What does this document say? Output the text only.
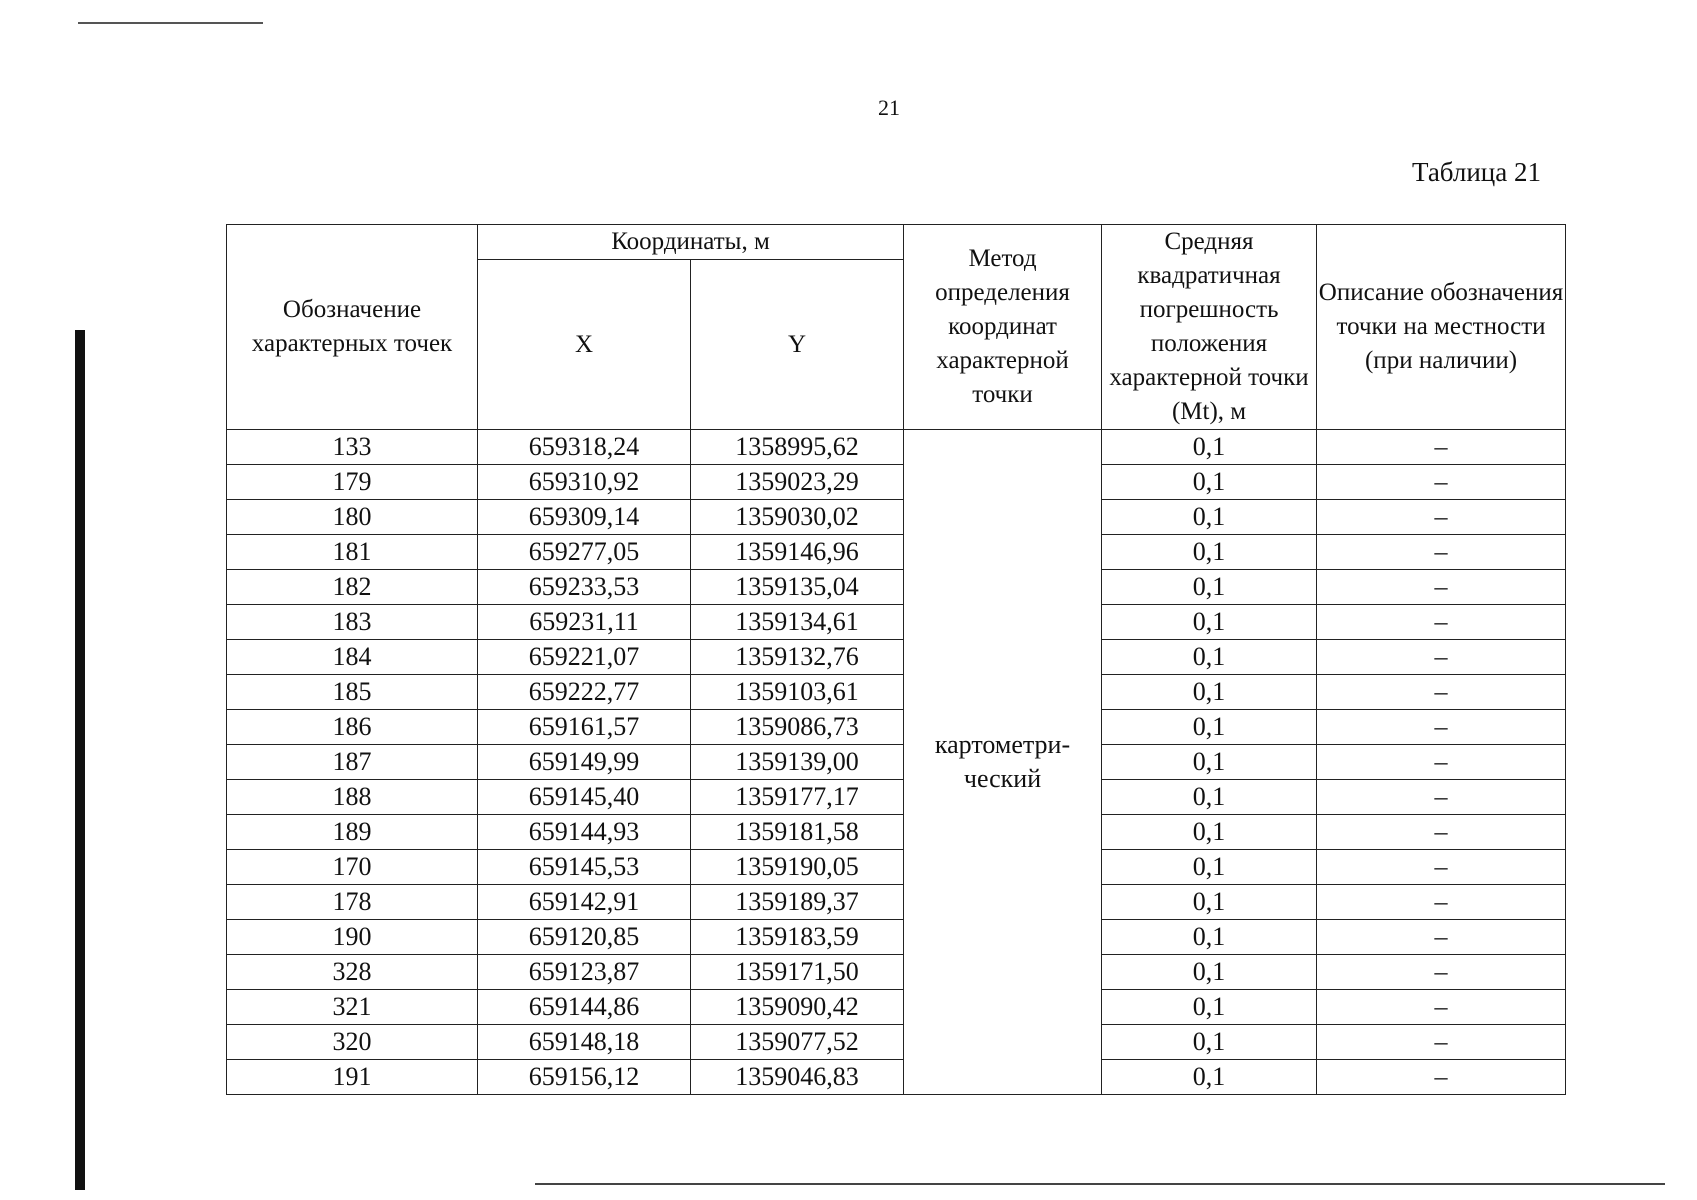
21
Таблица 21
Обозначение характерных точек	Координаты, м		Метод определения координат характерной точки	Средняя квадратичная погрешность положения характерной точки (Mt), м	Описание обозначения точки на местности (при наличии)
	X	Y			
133	659318,24	1358995,62	картометри-ческий	0,1	–
179	659310,92	1359023,29		0,1	–
180	659309,14	1359030,02		0,1	–
181	659277,05	1359146,96		0,1	–
182	659233,53	1359135,04		0,1	–
183	659231,11	1359134,61		0,1	–
184	659221,07	1359132,76		0,1	–
185	659222,77	1359103,61		0,1	–
186	659161,57	1359086,73		0,1	–
187	659149,99	1359139,00		0,1	–
188	659145,40	1359177,17		0,1	–
189	659144,93	1359181,58		0,1	–
170	659145,53	1359190,05		0,1	–
178	659142,91	1359189,37		0,1	–
190	659120,85	1359183,59		0,1	–
328	659123,87	1359171,50		0,1	–
321	659144,86	1359090,42		0,1	–
320	659148,18	1359077,52		0,1	–
191	659156,12	1359046,83		0,1	–
